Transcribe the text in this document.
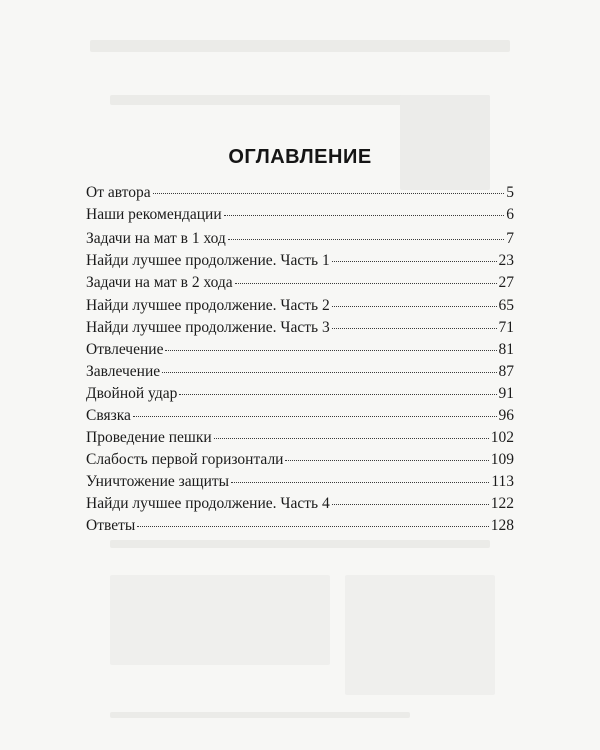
ОГЛАВЛЕНИЕ
От автора	5
Наши рекомендации	6
Задачи на мат в 1 ход	7
Найди лучшее продолжение. Часть 1	23
Задачи на мат в 2 хода	27
Найди лучшее продолжение. Часть 2	65
Найди лучшее продолжение. Часть 3	71
Отвлечение	81
Завлечение	87
Двойной удар	91
Связка	96
Проведение пешки	102
Слабость первой горизонтали	109
Уничтожение защиты	113
Найди лучшее продолжение. Часть 4	122
Ответы	128
